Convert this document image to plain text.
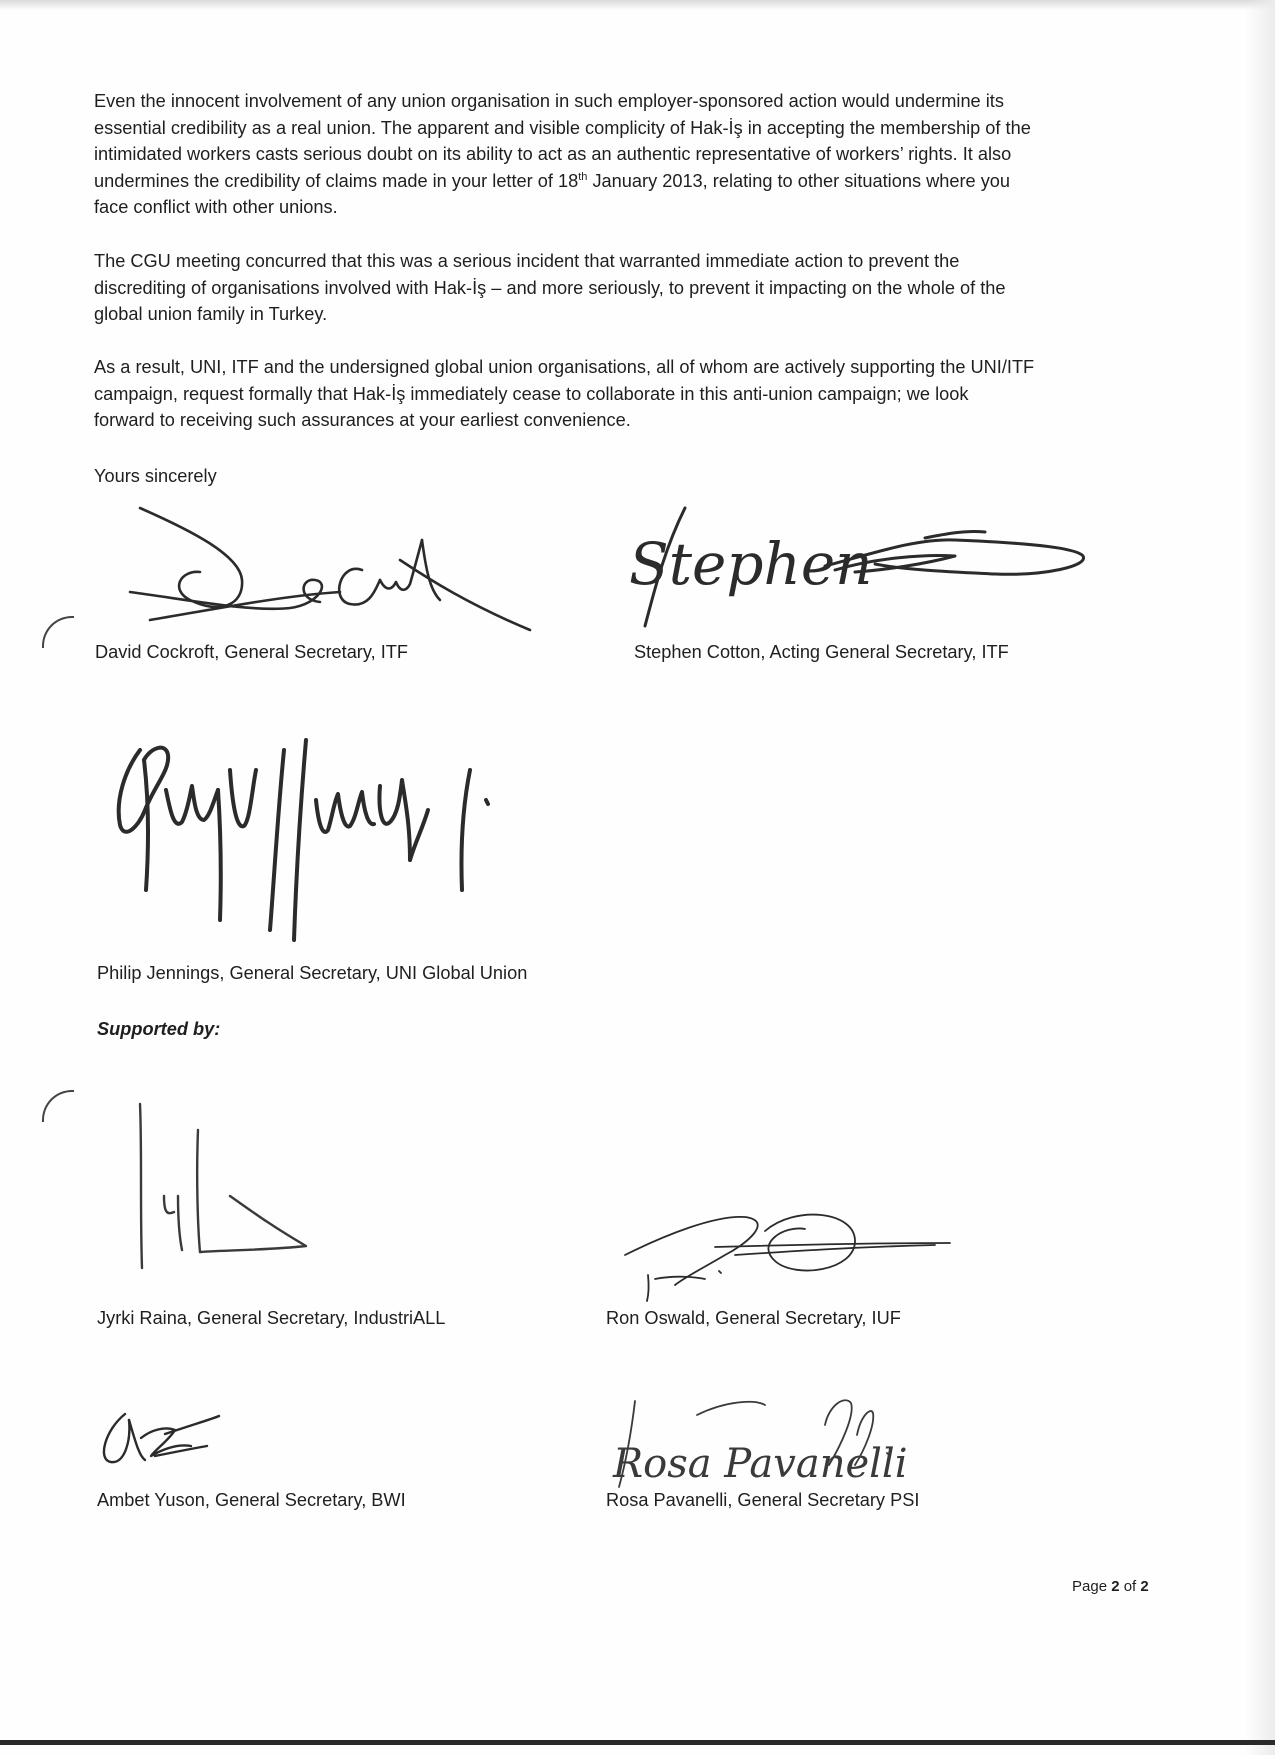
Even the innocent involvement of any union organisation in such employer-sponsored action would undermine its
essential credibility as a real union. The apparent and visible complicity of Hak-İş in accepting the membership of the
intimidated workers casts serious doubt on its ability to act as an authentic representative of workers’ rights. It also
undermines the credibility of claims made in your letter of 18th January 2013, relating to other situations where you
face conflict with other unions.

The CGU meeting concurred that this was a serious incident that warranted immediate action to prevent the
discrediting of organisations involved with Hak-İş – and more seriously, to prevent it impacting on the whole of the
global union family in Turkey.

As a result, UNI, ITF and the undersigned global union organisations, all of whom are actively supporting the UNI/ITF
campaign, request formally that Hak-İş immediately cease to collaborate in this anti-union campaign; we look
forward to receiving such assurances at your earliest convenience.

Yours sincerely
Stephen
David Cockroft, General Secretary, ITF	Stephen Cotton, Acting General Secretary, ITF
Philip Jennings, General Secretary, UNI Global Union
Supported by:
Jyrki Raina, General Secretary, IndustriALL	Ron Oswald, General Secretary, IUF
Rosa Pavanelli
Ambet Yuson, General Secretary, BWI	Rosa Pavanelli, General Secretary PSI
Page 2 of 2
